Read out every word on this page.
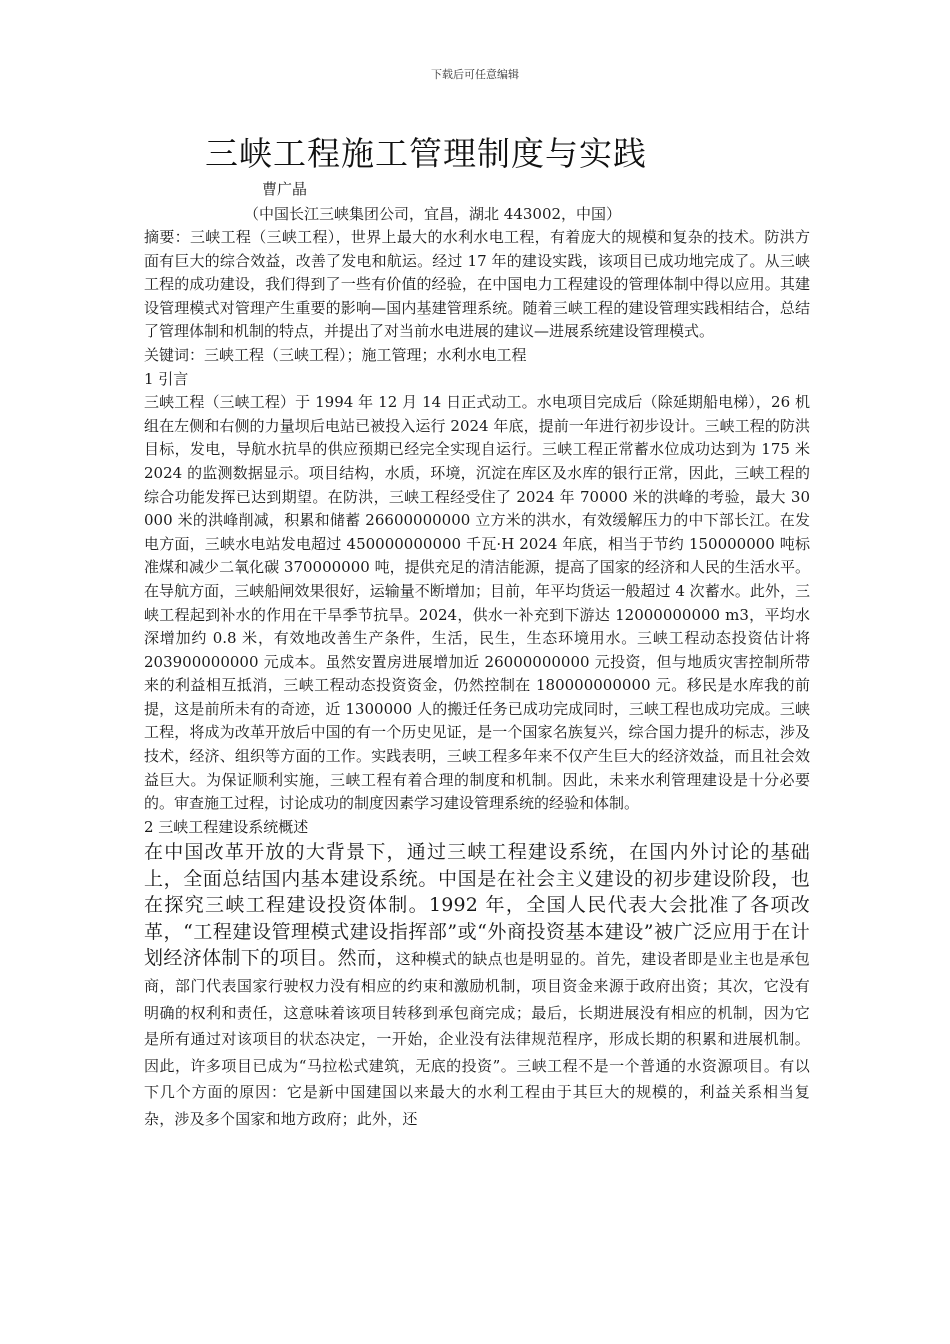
下载后可任意编辑
三峡工程施工管理制度与实践
曹广晶
（中国长江三峡集团公司，宜昌，湖北 443002，中国）

摘要：三峡工程（三峡工程），世界上最大的水利水电工程，有着庞大的规模和复杂的技术。防洪方面有巨大的综合效益，改善了发电和航运。经过 17 年的建设实践，该项目已成功地完成了。从三峡工程的成功建设，我们得到了一些有价值的经验，在中国电力工程建设的管理体制中得以应用。其建设管理模式对管理产生重要的影响—国内基建管理系统。随着三峡工程的建设管理实践相结合，总结了管理体制和机制的特点，并提出了对当前水电进展的建议—进展系统建设管理模式。

关键词：三峡工程（三峡工程）；施工管理；水利水电工程

1 引言

三峡工程（三峡工程）于 1994 年 12 月 14 日正式动工。水电项目完成后（除延期船电梯），26 机组在左侧和右侧的力量坝后电站已被投入运行 2024 年底，提前一年进行初步设计。三峡工程的防洪目标，发电，导航水抗旱的供应预期已经完全实现自运行。三峡工程正常蓄水位成功达到为 175 米 2024 的监测数据显示。项目结构，水质，环境，沉淀在库区及水库的银行正常，因此，三峡工程的综合功能发挥已达到期望。在防洪，三峡工程经受住了 2024 年 70000 米的洪峰的考验，最大 30 000 米的洪峰削减，积累和储蓄 26600000000 立方米的洪水，有效缓解压力的中下部长江。在发电方面，三峡水电站发电超过 450000000000 千瓦·H 2024 年底，相当于节约 150000000 吨标准煤和减少二氧化碳 370000000 吨，提供充足的清洁能源，提高了国家的经济和人民的生活水平。在导航方面，三峡船闸效果很好，运输量不断增加；目前，年平均货运一般超过 4 次蓄水。此外，三峡工程起到补水的作用在干旱季节抗旱。2024，供水一补充到下游达 12000000000 m3，平均水深增加约 0.8 米，有效地改善生产条件，生活，民生，生态环境用水。三峡工程动态投资估计将 203900000000 元成本。虽然安置房进展增加近 26000000000 元投资，但与地质灾害控制所带来的利益相互抵消，三峡工程动态投资资金，仍然控制在 180000000000 元。移民是水库我的前提，这是前所未有的奇迹，近 1300000 人的搬迁任务已成功完成同时，三峡工程也成功完成。三峡工程，将成为改革开放后中国的有一个历史见证，是一个国家名族复兴，综合国力提升的标志，涉及技术，经济、组织等方面的工作。实践表明，三峡工程多年来不仅产生巨大的经济效益，而且社会效益巨大。为保证顺利实施，三峡工程有着合理的制度和机制。因此，未来水利管理建设是十分必要的。审查施工过程，讨论成功的制度因素学习建设管理系统的经验和体制。

2 三峡工程建设系统概述

在中国改革开放的大背景下，通过三峡工程建设系统，在国内外讨论的基础上，全面总结国内基本建设系统。中国是在社会主义建设的初步建设阶段，也在探究三峡工程建设投资体制。1992 年，全国人民代表大会批准了各项改革，“工程建设管理模式建设指挥部”或“外商投资基本建设”被广泛应用于在计划经济体制下的项目。然而，这种模式的缺点也是明显的。首先，建设者即是业主也是承包商，部门代表国家行驶权力没有相应的约束和激励机制，项目资金来源于政府出资；其次，它没有明确的权利和责任，这意味着该项目转移到承包商完成；最后，长期进展没有相应的机制，因为它是所有通过对该项目的状态决定，一开始，企业没有法律规范程序，形成长期的积累和进展机制。因此，许多项目已成为“马拉松式建筑，无底的投资”。三峡工程不是一个普通的水资源项目。有以下几个方面的原因：它是新中国建国以来最大的水利工程由于其巨大的规模的，利益关系相当复杂，涉及多个国家和地方政府；此外，还
